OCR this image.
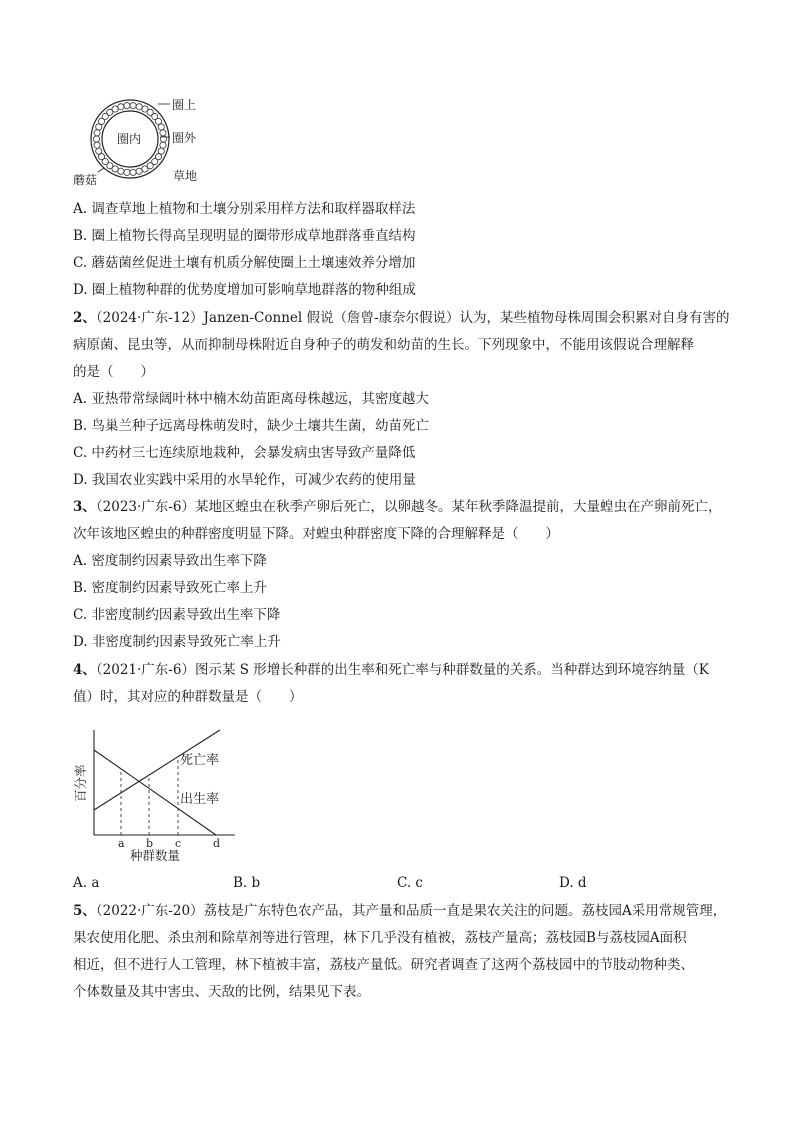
圈上
圈内	圈外
蘑菇	草地

A. 调查草地上植物和土壤分别采用样方法和取样器取样法

B. 圈上植物长得高呈现明显的圈带形成草地群落垂直结构

C. 蘑菇菌丝促进土壤有机质分解使圈上土壤速效养分增加

D. 圈上植物种群的优势度增加可影响草地群落的物种组成

2、（2024·广东-12）Janzen-Connel 假说（詹曾-康奈尔假说）认为，某些植物母株周围会积累对自身有害的

病原菌、昆虫等，从而抑制母株附近自身种子的萌发和幼苗的生长。下列现象中，不能用该假说合理解释

的是（　　）

A. 亚热带常绿阔叶林中楠木幼苗距离母株越远，其密度越大

B. 鸟巢兰种子远离母株萌发时，缺少土壤共生菌，幼苗死亡

C. 中药材三七连续原地栽种，会暴发病虫害导致产量降低

D. 我国农业实践中采用的水旱轮作，可减少农药的使用量

3、（2023·广东-6）某地区蝗虫在秋季产卵后死亡，以卵越冬。某年秋季降温提前，大量蝗虫在产卵前死亡，

次年该地区蝗虫的种群密度明显下降。对蝗虫种群密度下降的合理解释是（　　）

A. 密度制约因素导致出生率下降

B. 密度制约因素导致死亡率上升

C. 非密度制约因素导致出生率下降

D. 非密度制约因素导致死亡率上升

4、（2021·广东-6）图示某 S 形增长种群的出生率和死亡率与种群数量的关系。当种群达到环境容纳量（K

值）时，其对应的种群数量是（　　）

a b c	d
死亡率
出生率
种群数量
百分率
A. a	B. b	C. c	D. d

5、（2022·广东-20）荔枝是广东特色农产品，其产量和品质一直是果农关注的问题。荔枝园A采用常规管理，

果农使用化肥、杀虫剂和除草剂等进行管理，林下几乎没有植被，荔枝产量高；荔枝园B与荔枝园A面积

相近，但不进行人工管理，林下植被丰富，荔枝产量低。研究者调查了这两个荔枝园中的节肢动物种类、

个体数量及其中害虫、天敌的比例，结果见下表。
